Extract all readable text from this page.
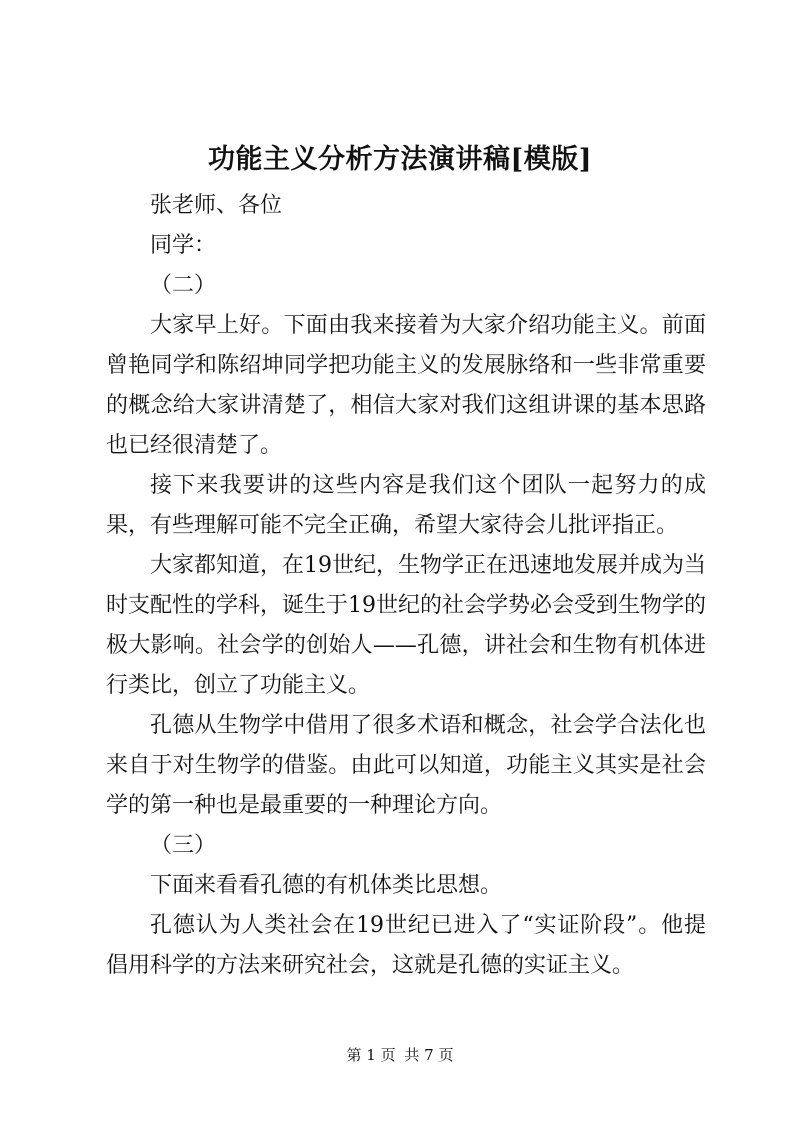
功能主义分析方法演讲稿[模版]

张老师、各位

同学：

（二）

大家早上好。下面由我来接着为大家介绍功能主义。前面曾艳同学和陈绍坤同学把功能主义的发展脉络和一些非常重要的概念给大家讲清楚了，相信大家对我们这组讲课的基本思路也已经很清楚了。

接下来我要讲的这些内容是我们这个团队一起努力的成果，有些理解可能不完全正确，希望大家待会儿批评指正。

大家都知道，在19世纪，生物学正在迅速地发展并成为当时支配性的学科，诞生于19世纪的社会学势必会受到生物学的极大影响。社会学的创始人——孔德，讲社会和生物有机体进行类比，创立了功能主义。

孔德从生物学中借用了很多术语和概念，社会学合法化也来自于对生物学的借鉴。由此可以知道，功能主义其实是社会学的第一种也是最重要的一种理论方向。

（三）

下面来看看孔德的有机体类比思想。

孔德认为人类社会在19世纪已进入了“实证阶段”。他提倡用科学的方法来研究社会，这就是孔德的实证主义。

第 1 页 共 7 页
